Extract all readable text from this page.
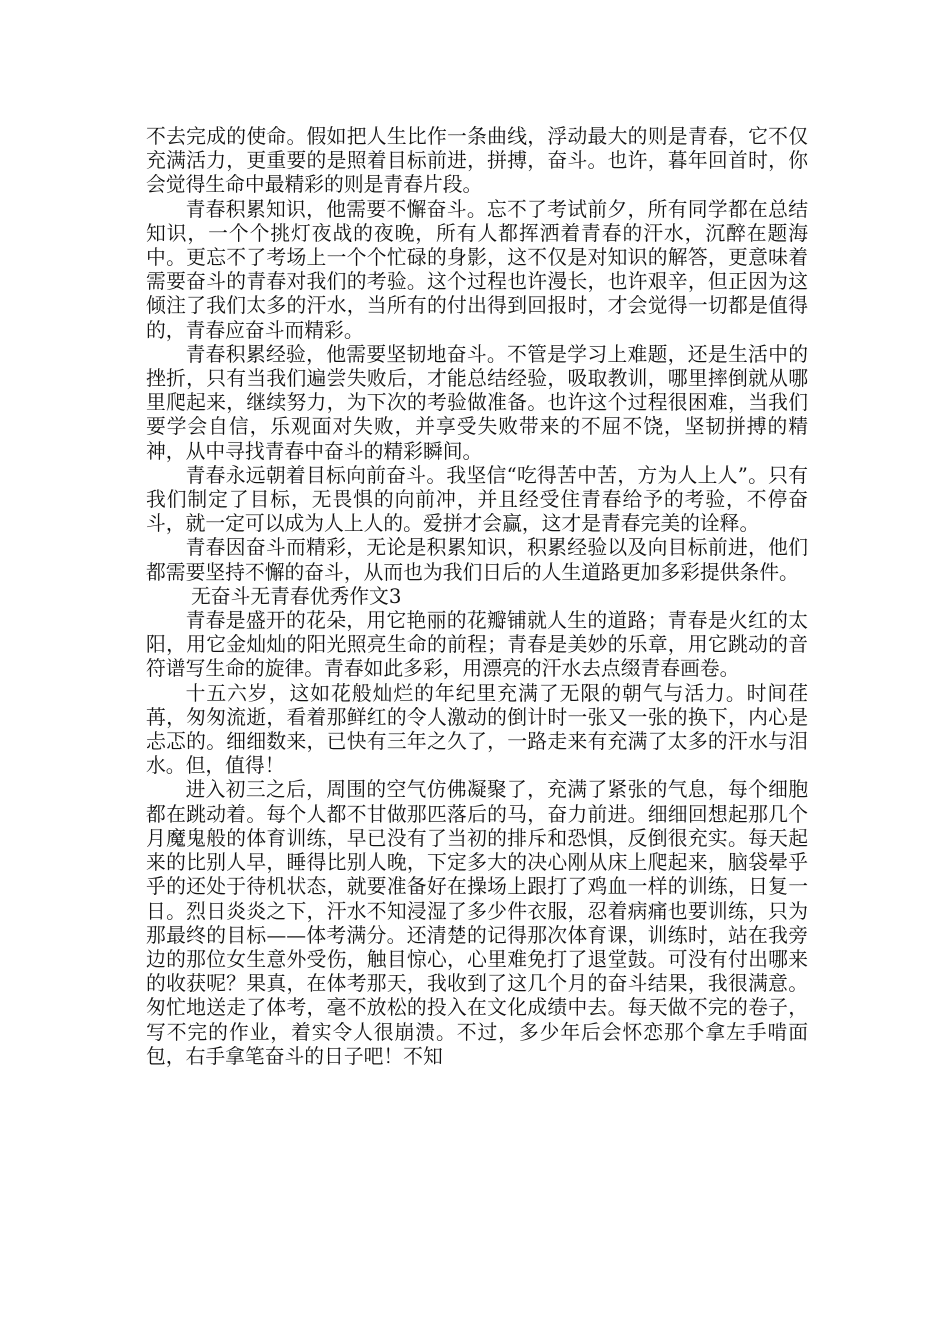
不去完成的使命。假如把人生比作一条曲线，浮动最大的则是青春，它不仅充满活力，更重要的是照着目标前进，拼搏，奋斗。也许，暮年回首时，你会觉得生命中最精彩的则是青春片段。

青春积累知识，他需要不懈奋斗。忘不了考试前夕，所有同学都在总结知识，一个个挑灯夜战的夜晚，所有人都挥洒着青春的汗水，沉醉在题海中。更忘不了考场上一个个忙碌的身影，这不仅是对知识的解答，更意味着需要奋斗的青春对我们的考验。这个过程也许漫长，也许艰辛，但正因为这倾注了我们太多的汗水，当所有的付出得到回报时，才会觉得一切都是值得的，青春应奋斗而精彩。

青春积累经验，他需要坚韧地奋斗。不管是学习上难题，还是生活中的挫折，只有当我们遍尝失败后，才能总结经验，吸取教训，哪里摔倒就从哪里爬起来，继续努力，为下次的考验做准备。也许这个过程很困难，当我们要学会自信，乐观面对失败，并享受失败带来的不屈不饶，坚韧拼搏的精神，从中寻找青春中奋斗的精彩瞬间。

青春永远朝着目标向前奋斗。我坚信“吃得苦中苦，方为人上人”。只有我们制定了目标，无畏惧的向前冲，并且经受住青春给予的考验，不停奋斗，就一定可以成为人上人的。爱拼才会赢，这才是青春完美的诠释。

青春因奋斗而精彩，无论是积累知识，积累经验以及向目标前进，他们都需要坚持不懈的奋斗，从而也为我们日后的人生道路更加多彩提供条件。

无奋斗无青春优秀作文3

青春是盛开的花朵，用它艳丽的花瓣铺就人生的道路；青春是火红的太阳，用它金灿灿的阳光照亮生命的前程；青春是美妙的乐章，用它跳动的音符谱写生命的旋律。青春如此多彩，用漂亮的汗水去点缀青春画卷。

十五六岁，这如花般灿烂的年纪里充满了无限的朝气与活力。时间荏苒，匆匆流逝，看着那鲜红的令人激动的倒计时一张又一张的换下，内心是忐忑的。细细数来，已快有三年之久了，一路走来有充满了太多的汗水与泪水。但，值得！

进入初三之后，周围的空气仿佛凝聚了，充满了紧张的气息，每个细胞都在跳动着。每个人都不甘做那匹落后的马，奋力前进。细细回想起那几个月魔鬼般的体育训练，早已没有了当初的排斥和恐惧，反倒很充实。每天起来的比别人早，睡得比别人晚，下定多大的决心刚从床上爬起来，脑袋晕乎乎的还处于待机状态，就要准备好在操场上跟打了鸡血一样的训练，日复一日。烈日炎炎之下，汗水不知浸湿了多少件衣服，忍着病痛也要训练，只为那最终的目标——体考满分。还清楚的记得那次体育课，训练时，站在我旁边的那位女生意外受伤，触目惊心，心里难免打了退堂鼓。可没有付出哪来的收获呢？果真，在体考那天，我收到了这几个月的奋斗结果，我很满意。匆忙地送走了体考，毫不放松的投入在文化成绩中去。每天做不完的卷子，写不完的作业，着实令人很崩溃。不过，多少年后会怀恋那个拿左手啃面包，右手拿笔奋斗的日子吧！不知
